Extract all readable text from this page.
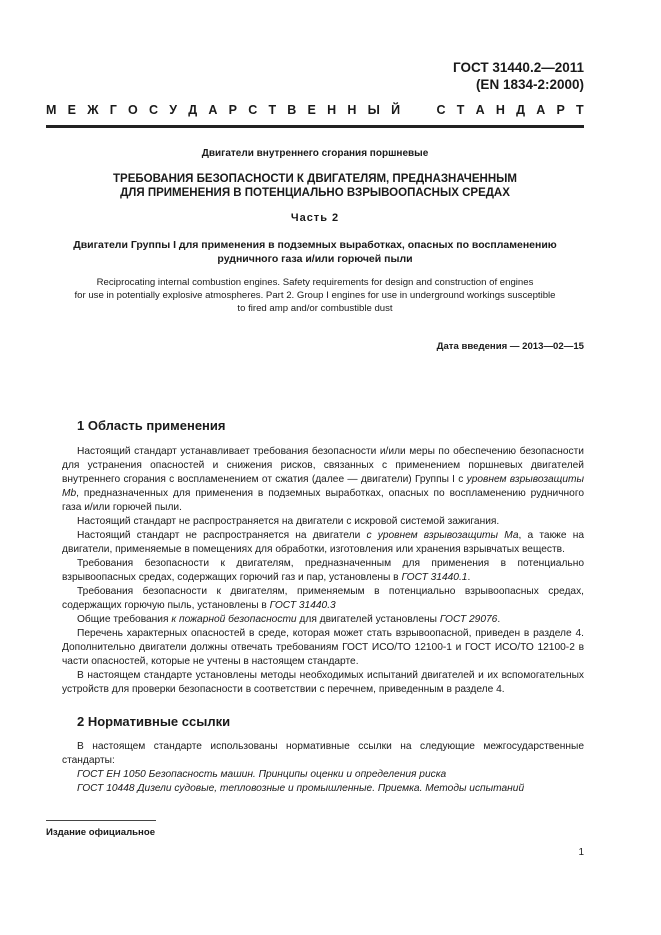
ГОСТ 31440.2—2011
(EN 1834-2:2000)
М Е Ж Г О С У Д А Р С Т В Е Н Н Ы Й	С Т А Н Д А Р Т
Двигатели внутреннего сгорания поршневые
ТРЕБОВАНИЯ БЕЗОПАСНОСТИ К ДВИГАТЕЛЯМ, ПРЕДНАЗНАЧЕННЫМ
ДЛЯ ПРИМЕНЕНИЯ В ПОТЕНЦИАЛЬНО ВЗРЫВООПАСНЫХ СРЕДАХ
Часть 2
Двигатели Группы I для применения в подземных выработках, опасных по воспламенению
рудничного газа и/или горючей пыли
Reciprocating internal combustion engines. Safety requirements for design and construction of engines
for use in potentially explosive atmospheres. Part 2. Group I engines for use in underground workings susceptible
to fired amp and/or combustible dust
Дата введения — 2013—02—15
1 Область применения

Настоящий стандарт устанавливает требования безопасности и/или меры по обеспечению безопасности для устранения опасностей и снижения рисков, связанных с применением поршневых двигателей внутреннего сгорания с воспламенением от сжатия (далее — двигатели) Группы I с уровнем взрывозащиты Mb, предназначенных для применения в подземных выработках, опасных по воспламенению рудничного газа и/или горючей пыли.

Настоящий стандарт не распространяется на двигатели с искровой системой зажигания.

Настоящий стандарт не распространяется на двигатели с уровнем взрывозащиты Ма, а также на двигатели, применяемые в помещениях для обработки, изготовления или хранения взрывчатых веществ.

Требования безопасности к двигателям, предназначенным для применения в потенциально взрывоопасных средах, содержащих горючий газ и пар, установлены в ГОСТ 31440.1.

Требования безопасности к двигателям, применяемым в потенциально взрывоопасных средах, содержащих горючую пыль, установлены в ГОСТ 31440.3

Общие требования к пожарной безопасности для двигателей установлены ГОСТ 29076.

Перечень характерных опасностей в среде, которая может стать взрывоопасной, приведен в разделе 4. Дополнительно двигатели должны отвечать требованиям ГОСТ ИСО/ТО 12100-1 и ГОСТ ИСО/ТО 12100-2 в части опасностей, которые не учтены в настоящем стандарте.

В настоящем стандарте установлены методы необходимых испытаний двигателей и их вспомогательных устройств для проверки безопасности в соответствии с перечнем, приведенным в разделе 4.

2 Нормативные ссылки

В настоящем стандарте использованы нормативные ссылки на следующие межгосударственные стандарты:

ГОСТ ЕН 1050 Безопасность машин. Принципы оценки и определения риска

ГОСТ 10448 Дизели судовые, тепловозные и промышленные. Приемка. Методы испытаний

Издание официальное
1
